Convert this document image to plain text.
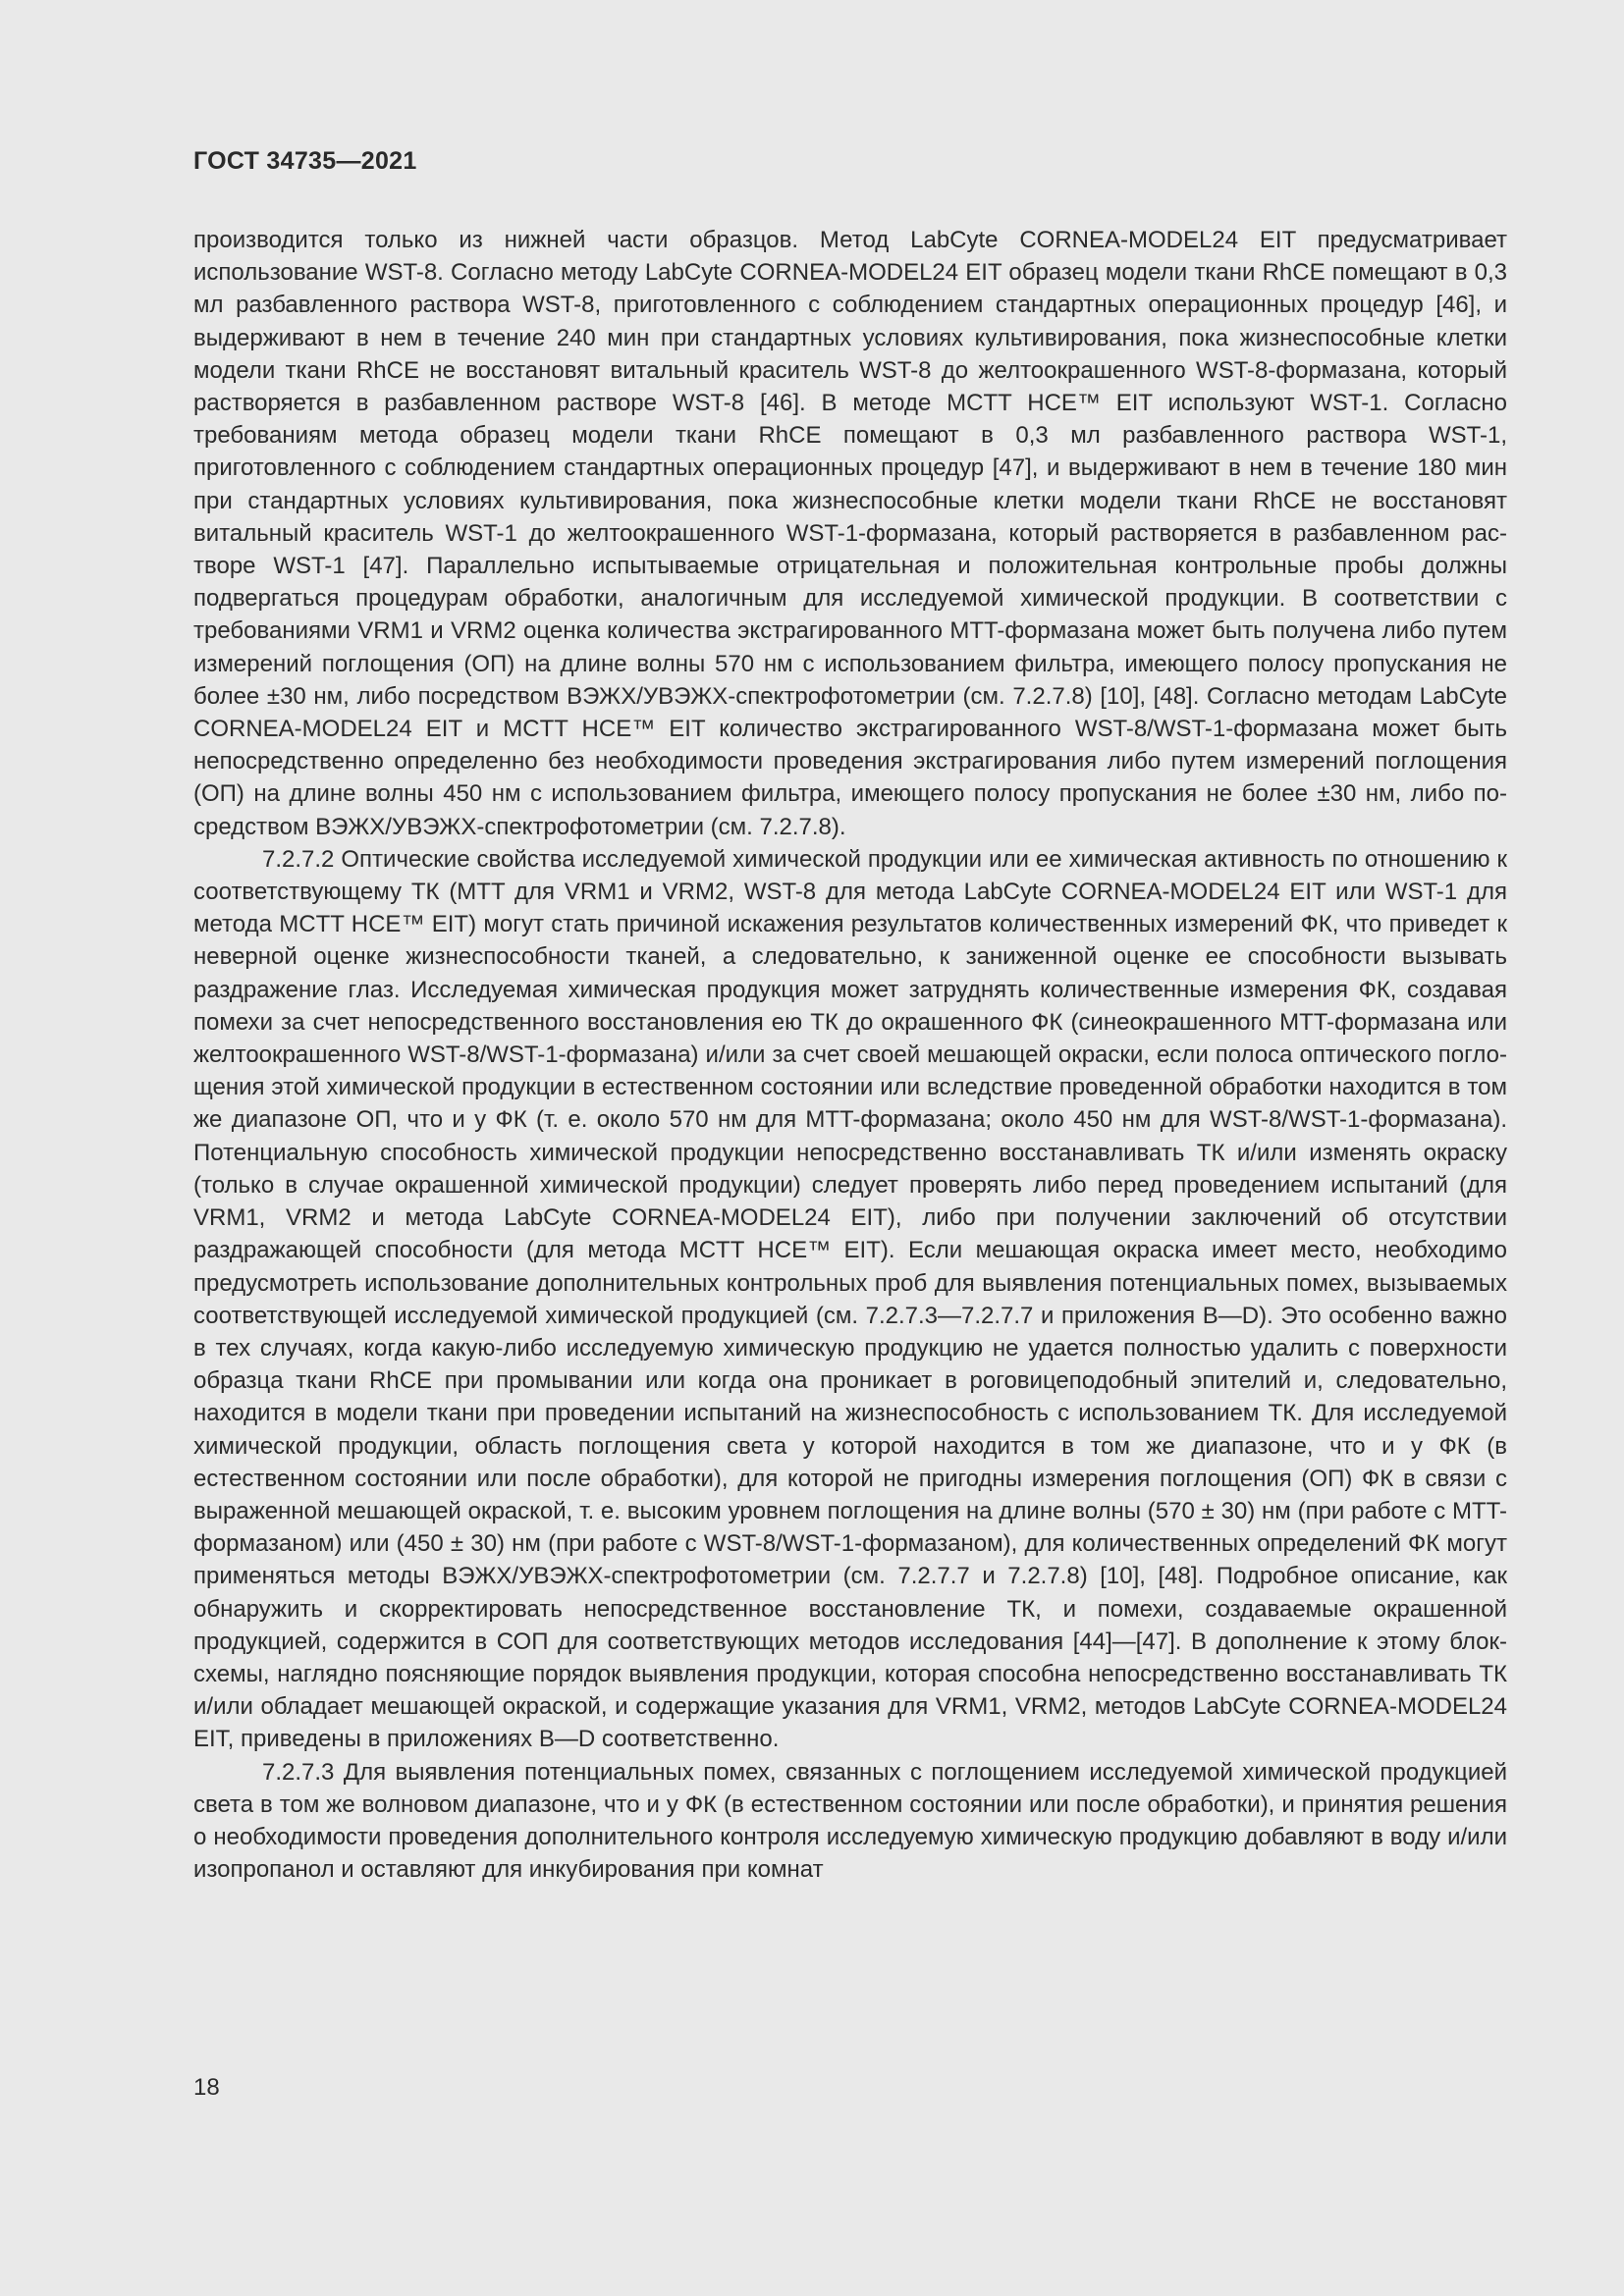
ГОСТ 34735—2021

производится только из нижней части образцов. Метод LabCyte CORNEA-MODEL24 EIT предусматривает использование WST-8. Согласно методу LabCyte CORNEA-MODEL24 EIT образец модели ткани RhCE помещают в 0,3 мл разбавленного раствора WST-8, приготовленного с соблюдением стандартных операционных процедур [46], и выдерживают в нем в течение 240 мин при стандартных условиях культивирования, пока жизнеспособные клетки модели ткани RhCE не восстановят витальный краситель WST-8 до желтоокрашенного WST-8-формазана, который растворяется в разбавленном растворе WST-8 [46]. В методе MCTT HCE™ EIT используют WST-1. Согласно требованиям метода образец модели ткани RhCE помещают в 0,3 мл разбавленного раствора WST-1, приготовленного с соблюдением стандартных операционных процедур [47], и выдерживают в нем в течение 180 мин при стандартных условиях культивирования, пока жизнеспособные клетки модели ткани RhCE не восстановят витальный краситель WST-1 до желтоокрашенного WST-1-формазана, который растворяется в разбавленном растворе WST-1 [47]. Параллельно испытываемые отрицательная и положительная контрольные пробы должны подвергаться процедурам обработки, аналогичным для исследуемой химической продукции. В соответствии с требованиями VRM1 и VRM2 оценка количества экстрагированного MTT-формазана может быть получена либо путем измерений поглощения (ОП) на длине волны 570 нм с использованием фильтра, имеющего полосу пропускания не более ±30 нм, либо посредством ВЭЖХ/УВЭЖХ-спектрофотометрии (см. 7.2.7.8) [10], [48]. Согласно методам LabCyte CORNEA-MODEL24 EIT и MCTT HCE™ EIT количество экстрагированного WST-8/WST-1-формазана может быть непосредственно определенно без необходимости проведения экстрагирования либо путем измерений поглощения (ОП) на длине волны 450 нм с использованием фильтра, имеющего полосу пропускания не более ±30 нм, либо посредством ВЭЖХ/УВЭЖХ-спектрофотометрии (см. 7.2.7.8).

7.2.7.2 Оптические свойства исследуемой химической продукции или ее химическая активность по отношению к соответствующему ТК (MTT для VRM1 и VRM2, WST-8 для метода LabCyte CORNEA-MODEL24 EIT или WST-1 для метода MCTT HCE™ EIT) могут стать причиной искажения результатов количественных измерений ФК, что приведет к неверной оценке жизнеспособности тканей, а следовательно, к заниженной оценке ее способности вызывать раздражение глаз. Исследуемая химическая продукция может затруднять количественные измерения ФК, создавая помехи за счет непосредственного восстановления ею ТК до окрашенного ФК (синеокрашенного MTT-формазана или желтоокрашенного WST-8/WST-1-формазана) и/или за счет своей мешающей окраски, если полоса оптического поглощения этой химической продукции в естественном состоянии или вследствие проведенной обработки находится в том же диапазоне ОП, что и у ФК (т. е. около 570 нм для MTT-формазана; около 450 нм для WST-8/WST-1-формазана). Потенциальную способность химической продукции непосредственно восстанавливать ТК и/или изменять окраску (только в случае окрашенной химической продукции) следует проверять либо перед проведением испытаний (для VRM1, VRM2 и метода LabCyte CORNEA-MODEL24 EIT), либо при получении заключений об отсутствии раздражающей способности (для метода MCTT HCE™ EIT). Если мешающая окраска имеет место, необходимо предусмотреть использование дополнительных контрольных проб для выявления потенциальных помех, вызываемых соответствующей исследуемой химической продукцией (см. 7.2.7.3—7.2.7.7 и приложения В—D). Это особенно важно в тех случаях, когда какую-либо исследуемую химическую продукцию не удается полностью удалить с поверхности образца ткани RhCE при промывании или когда она проникает в роговицеподобный эпителий и, следовательно, находится в модели ткани при проведении испытаний на жизнеспособность с использованием ТК. Для исследуемой химической продукции, область поглощения света у которой находится в том же диапазоне, что и у ФК (в естественном состоянии или после обработки), для которой не пригодны измерения поглощения (ОП) ФК в связи с выраженной мешающей окраской, т. е. высоким уровнем поглощения на длине волны (570 ± 30) нм (при работе с MTT-формазаном) или (450 ± 30) нм (при работе с WST-8/WST-1-формазаном), для количественных определений ФК могут применяться методы ВЭЖХ/УВЭЖХ-спектрофотометрии (см. 7.2.7.7 и 7.2.7.8) [10], [48]. Подробное описание, как обнаружить и скорректировать непосредственное восстановление ТК, и помехи, создаваемые окрашенной продукцией, содержится в СОП для соответствующих методов исследования [44]—[47]. В дополнение к этому блок-схемы, наглядно поясняющие порядок выявления продукции, которая способна непосредственно восстанавливать ТК и/или обладает мешающей окраской, и содержащие указания для VRM1, VRM2, методов LabCyte CORNEA-MODEL24 EIT, приведены в приложениях В—D соответственно.

7.2.7.3 Для выявления потенциальных помех, связанных с поглощением исследуемой химической продукцией света в том же волновом диапазоне, что и у ФК (в естественном состоянии или после обработки), и принятия решения о необходимости проведения дополнительного контроля исследуемую химическую продукцию добавляют в воду и/или изопропанол и оставляют для инкубирования при комнат

18
